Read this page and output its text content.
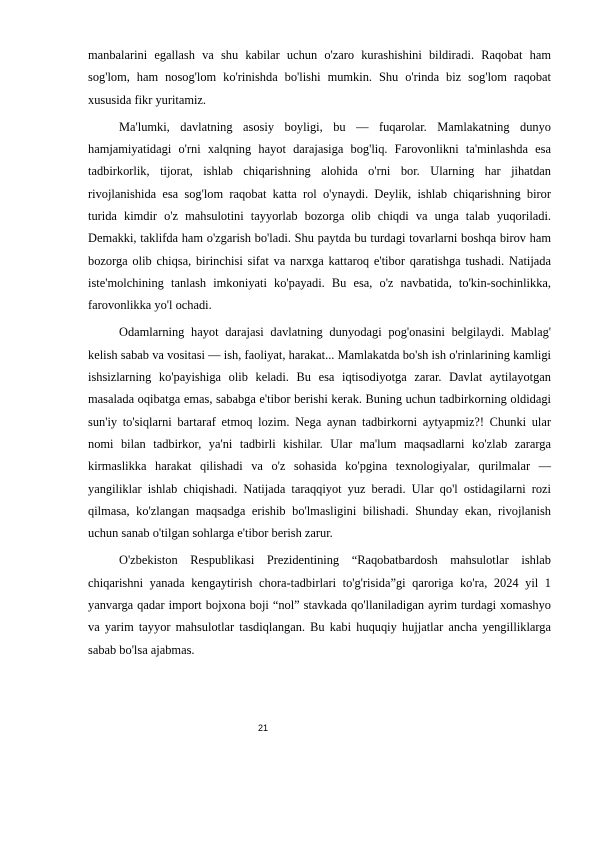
manbalarini egallash va shu kabilar uchun o'zaro kurashishini bildiradi. Raqobat ham sog'lom, ham nosog'lom ko'rinishda bo'lishi mumkin. Shu o'rinda biz sog'lom raqobat xususida fikr yuritamiz.

Ma'lumki, davlatning asosiy boyligi, bu — fuqarolar. Mamlakatning dunyo hamjamiyatidagi o'rni xalqning hayot darajasiga bog'liq. Farovonlikni ta'minlashda esa tadbirkorlik, tijorat, ishlab chiqarishning alohida o'rni bor. Ularning har jihatdan rivojlanishida esa sog'lom raqobat katta rol o'ynaydi. Deylik, ishlab chiqarishning biror turida kimdir o'z mahsulotini tayyorlab bozorga olib chiqdi va unga talab yuqoriladi. Demakki, taklifda ham o'zgarish bo'ladi. Shu paytda bu turdagi tovarlarni boshqa birov ham bozorga olib chiqsa, birinchisi sifat va narxga kattaroq e'tibor qaratishga tushadi. Natijada iste'molchining tanlash imkoniyati ko'payadi. Bu esa, o'z navbatida, to'kin-sochinlikka, farovonlikka yo'l ochadi.

Odamlarning hayot darajasi davlatning dunyodagi pog'onasini belgilaydi. Mablag' kelish sabab va vositasi — ish, faoliyat, harakat... Mamlakatda bo'sh ish o'rinlarining kamligi ishsizlarning ko'payishiga olib keladi. Bu esa iqtisodiyotga zarar. Davlat aytilayotgan masalada oqibatga emas, sababga e'tibor berishi kerak. Buning uchun tadbirkorning oldidagi sun'iy to'siqlarni bartaraf etmoq lozim. Nega aynan tadbirkorni aytyapmiz?! Chunki ular nomi bilan tadbirkor, ya'ni tadbirli kishilar. Ular ma'lum maqsadlarni ko'zlab zararga kirmaslikka harakat qilishadi va o'z sohasida ko'pgina texnologiyalar, qurilmalar — yangiliklar ishlab chiqishadi. Natijada taraqqiyot yuz beradi. Ular qo'l ostidagilarni rozi qilmasa, ko'zlangan maqsadga erishib bo'lmasligini bilishadi. Shunday ekan, rivojlanish uchun sanab o'tilgan sohlarga e'tibor berish zarur.

O'zbekiston Respublikasi Prezidentining “Raqobatbardosh mahsulotlar ishlab chiqarishni yanada kengaytirish chora-tadbirlari to'g'risida”gi qaroriga ko'ra, 2024 yil 1 yanvarga qadar import bojxona boji “nol” stavkada qo'llaniladigan ayrim turdagi xomashyo va yarim tayyor mahsulotlar tasdiqlangan. Bu kabi huquqiy hujjatlar ancha yengilliklarga sabab bo'lsa ajabmas.

21
